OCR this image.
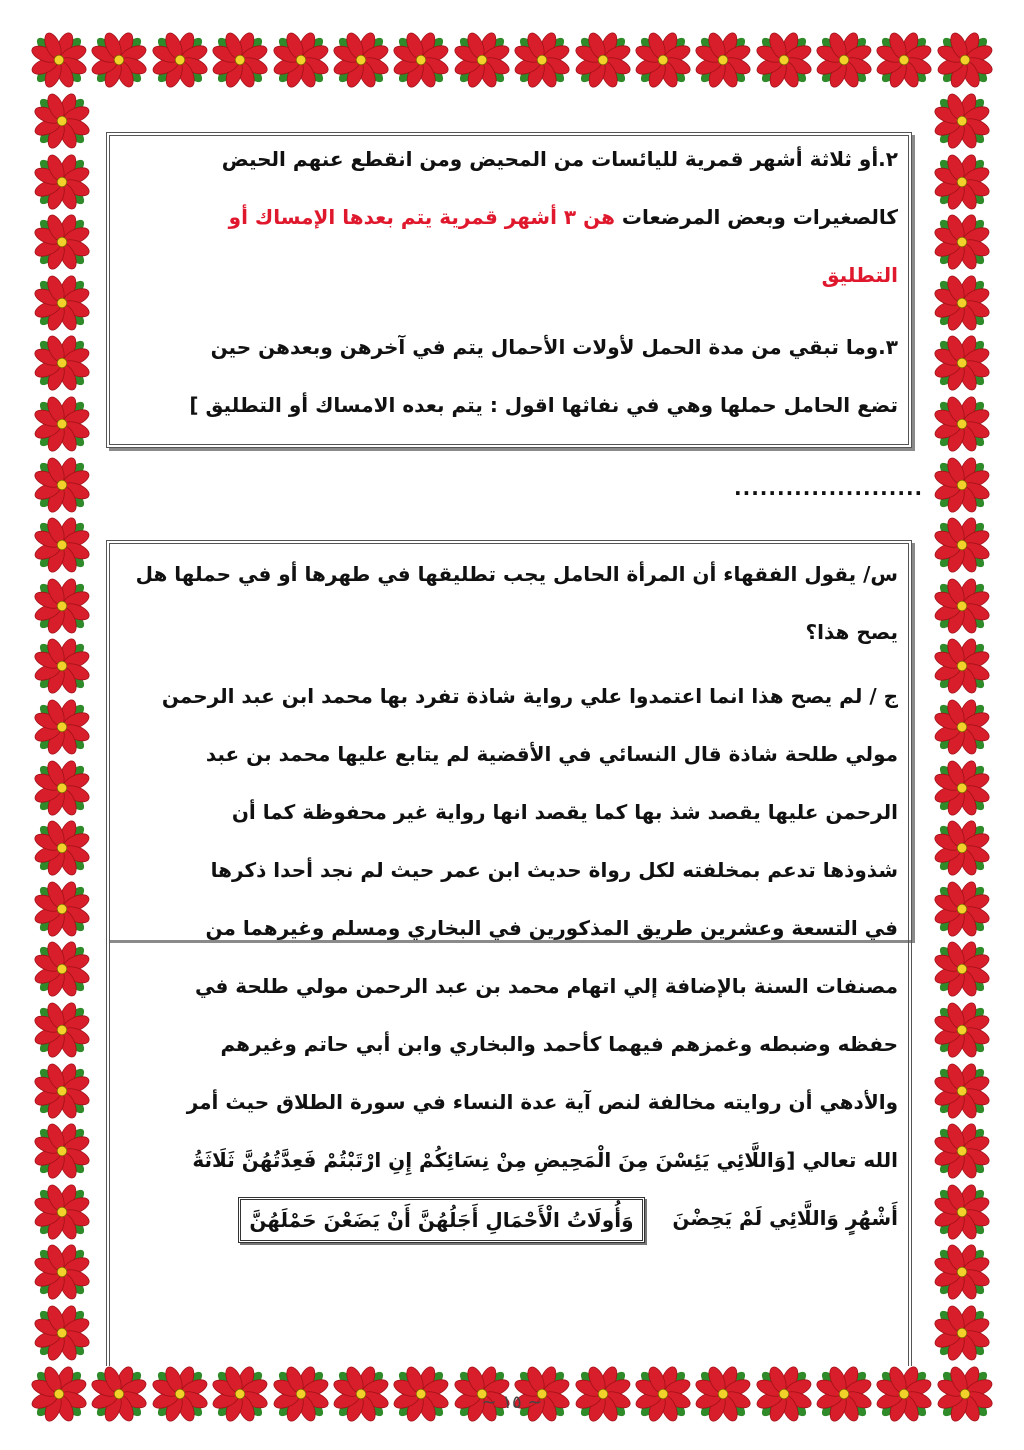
٢.أو ثلاثة أشهر قمرية لليائسات من المحيض ومن انقطع عنهم الحيض
كالصغيرات وبعض المرضعات هن ٣ أشهر قمرية يتم بعدها الإمساك أو
التطليق
٣.وما تبقي من مدة الحمل لأولات الأحمال يتم في آخرهن وبعدهن حين
تضع الحامل حملها وهي في نفاثها اقول : يتم بعده الامساك أو التطليق ]
......................
س/ يقول الفقهاء أن المرأة الحامل يجب تطليقها في طهرها أو في حملها هل
يصح هذا؟
ج / لم يصح هذا انما اعتمدوا علي رواية شاذة تفرد بها محمد ابن عبد الرحمن
مولي طلحة شاذة قال النسائي في الأقضية لم يتابع عليها محمد بن عبد
الرحمن عليها يقصد شذ بها كما يقصد انها رواية غير محفوظة كما أن
شذوذها تدعم بمخلفته لكل رواة حديث ابن عمر حيث لم نجد أحدا ذكرها
في التسعة وعشرين طريق المذكورين في البخاري ومسلم وغيرهما من
مصنفات السنة بالإضافة إلي اتهام محمد بن عبد الرحمن مولي طلحة في
حفظه وضبطه وغمزهم فيهما كأحمد والبخاري وابن أبي حاتم وغيرهم
والأدهي أن روايته مخالفة لنص آية عدة النساء في سورة الطلاق حيث أمر
الله تعالي [وَاللَّائِي يَئِسْنَ مِنَ الْمَحِيضِ مِنْ نِسَائِكُمْ إِنِ ارْتَبْتُمْ فَعِدَّتُهُنَّ ثَلَاثَةُ
أَشْهُرٍ وَاللَّائِي لَمْ يَحِضْنَ    وَأُولَاتُ الْأَحْمَالِ أَجَلُهُنَّ أَنْ يَضَعْنَ حَمْلَهُنَّ
~ ١٥ ~
